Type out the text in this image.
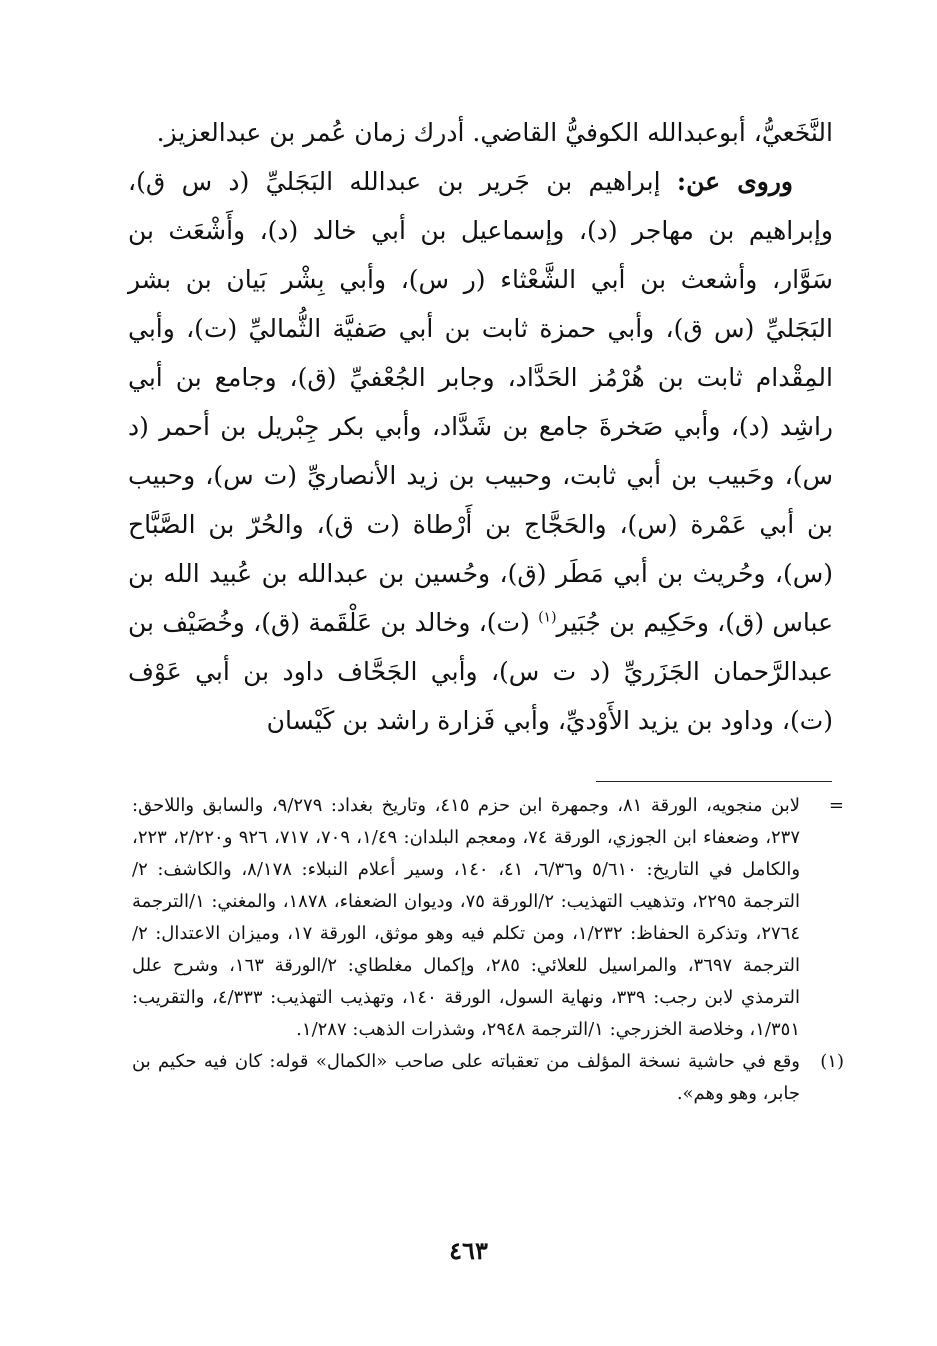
النَّخَعيُّ، أبوعبدالله الكوفيُّ القاضي. أدرك زمان عُمر بن عبدالعزيز.

وروى عن: إبراهيم بن جَرير بن عبدالله البَجَليِّ (د س ق)، وإبراهيم بن مهاجر (د)، وإسماعيل بن أبي خالد (د)، وأَشْعَث بن سَوَّار، وأشعث بن أبي الشَّعْثاء (ر س)، وأبي بِشْر بَيان بن بشر البَجَليِّ (س ق)، وأبي حمزة ثابت بن أبي صَفيَّة الثُّماليِّ (ت)، وأبي المِقْدام ثابت بن هُرْمُز الحَدَّاد، وجابر الجُعْفيِّ (ق)، وجامع بن أبي راشِد (د)، وأبي صَخرةَ جامع بن شَدَّاد، وأبي بكر جِبْريل بن أحمر (د س)، وحَبيب بن أبي ثابت، وحبيب بن زيد الأنصاريِّ (ت س)، وحبيب بن أبي عَمْرة (س)، والحَجَّاج بن أَرْطاة (ت ق)، والحُرّ بن الصَّبَّاح (س)، وحُريث بن أبي مَطَر (ق)، وحُسين بن عبدالله بن عُبيد الله بن عباس (ق)، وحَكِيم بن جُبَير$^{(١)}$ (ت)، وخالد بن عَلْقَمة (ق)، وخُصَيْف بن عبدالرَّحمان الجَزَريِّ (د ت س)، وأبي الجَحَّاف داود بن أبي عَوْف (ت)، وداود بن يزيد الأَوْديِّ، وأبي فَزارة راشد بن كَيْسان

=
لابن منجويه، الورقة ٨١، وجمهرة ابن حزم ٤١٥، وتاريخ بغداد: ٩/٢٧٩، والسابق واللاحق: ٢٣٧، وضعفاء ابن الجوزي، الورقة ٧٤، ومعجم البلدان: ١/٤٩، ٧٠٩، ٧١٧، ٩٢٦ و٢/٢٢٠، ٢٢٣، والكامل في التاريخ: ٥/٦١٠ و٦/٣٦، ٤١، ١٤٠، وسير أعلام النبلاء: ٨/١٧٨، والكاشف: ٢/الترجمة ٢٢٩٥، وتذهيب التهذيب: ٢/الورقة ٧٥، وديوان الضعفاء، ١٨٧٨، والمغني: ١/الترجمة ٢٧٦٤، وتذكرة الحفاظ: ١/٢٣٢، ومن تكلم فيه وهو موثق، الورقة ١٧، وميزان الاعتدال: ٢/الترجمة ٣٦٩٧، والمراسيل للعلائي: ٢٨٥، وإكمال مغلطاي: ٢/الورقة ١٦٣، وشرح علل الترمذي لابن رجب: ٣٣٩، ونهاية السول، الورقة ١٤٠، وتهذيب التهذيب: ٤/٣٣٣، والتقريب: ١/٣٥١، وخلاصة الخزرجي: ١/الترجمة ٢٩٤٨، وشذرات الذهب: ١/٢٨٧.

(١)
وقع في حاشية نسخة المؤلف من تعقباته على صاحب «الكمال» قوله: كان فيه حكيم بن جابر، وهو وهم».

٤٦٣
